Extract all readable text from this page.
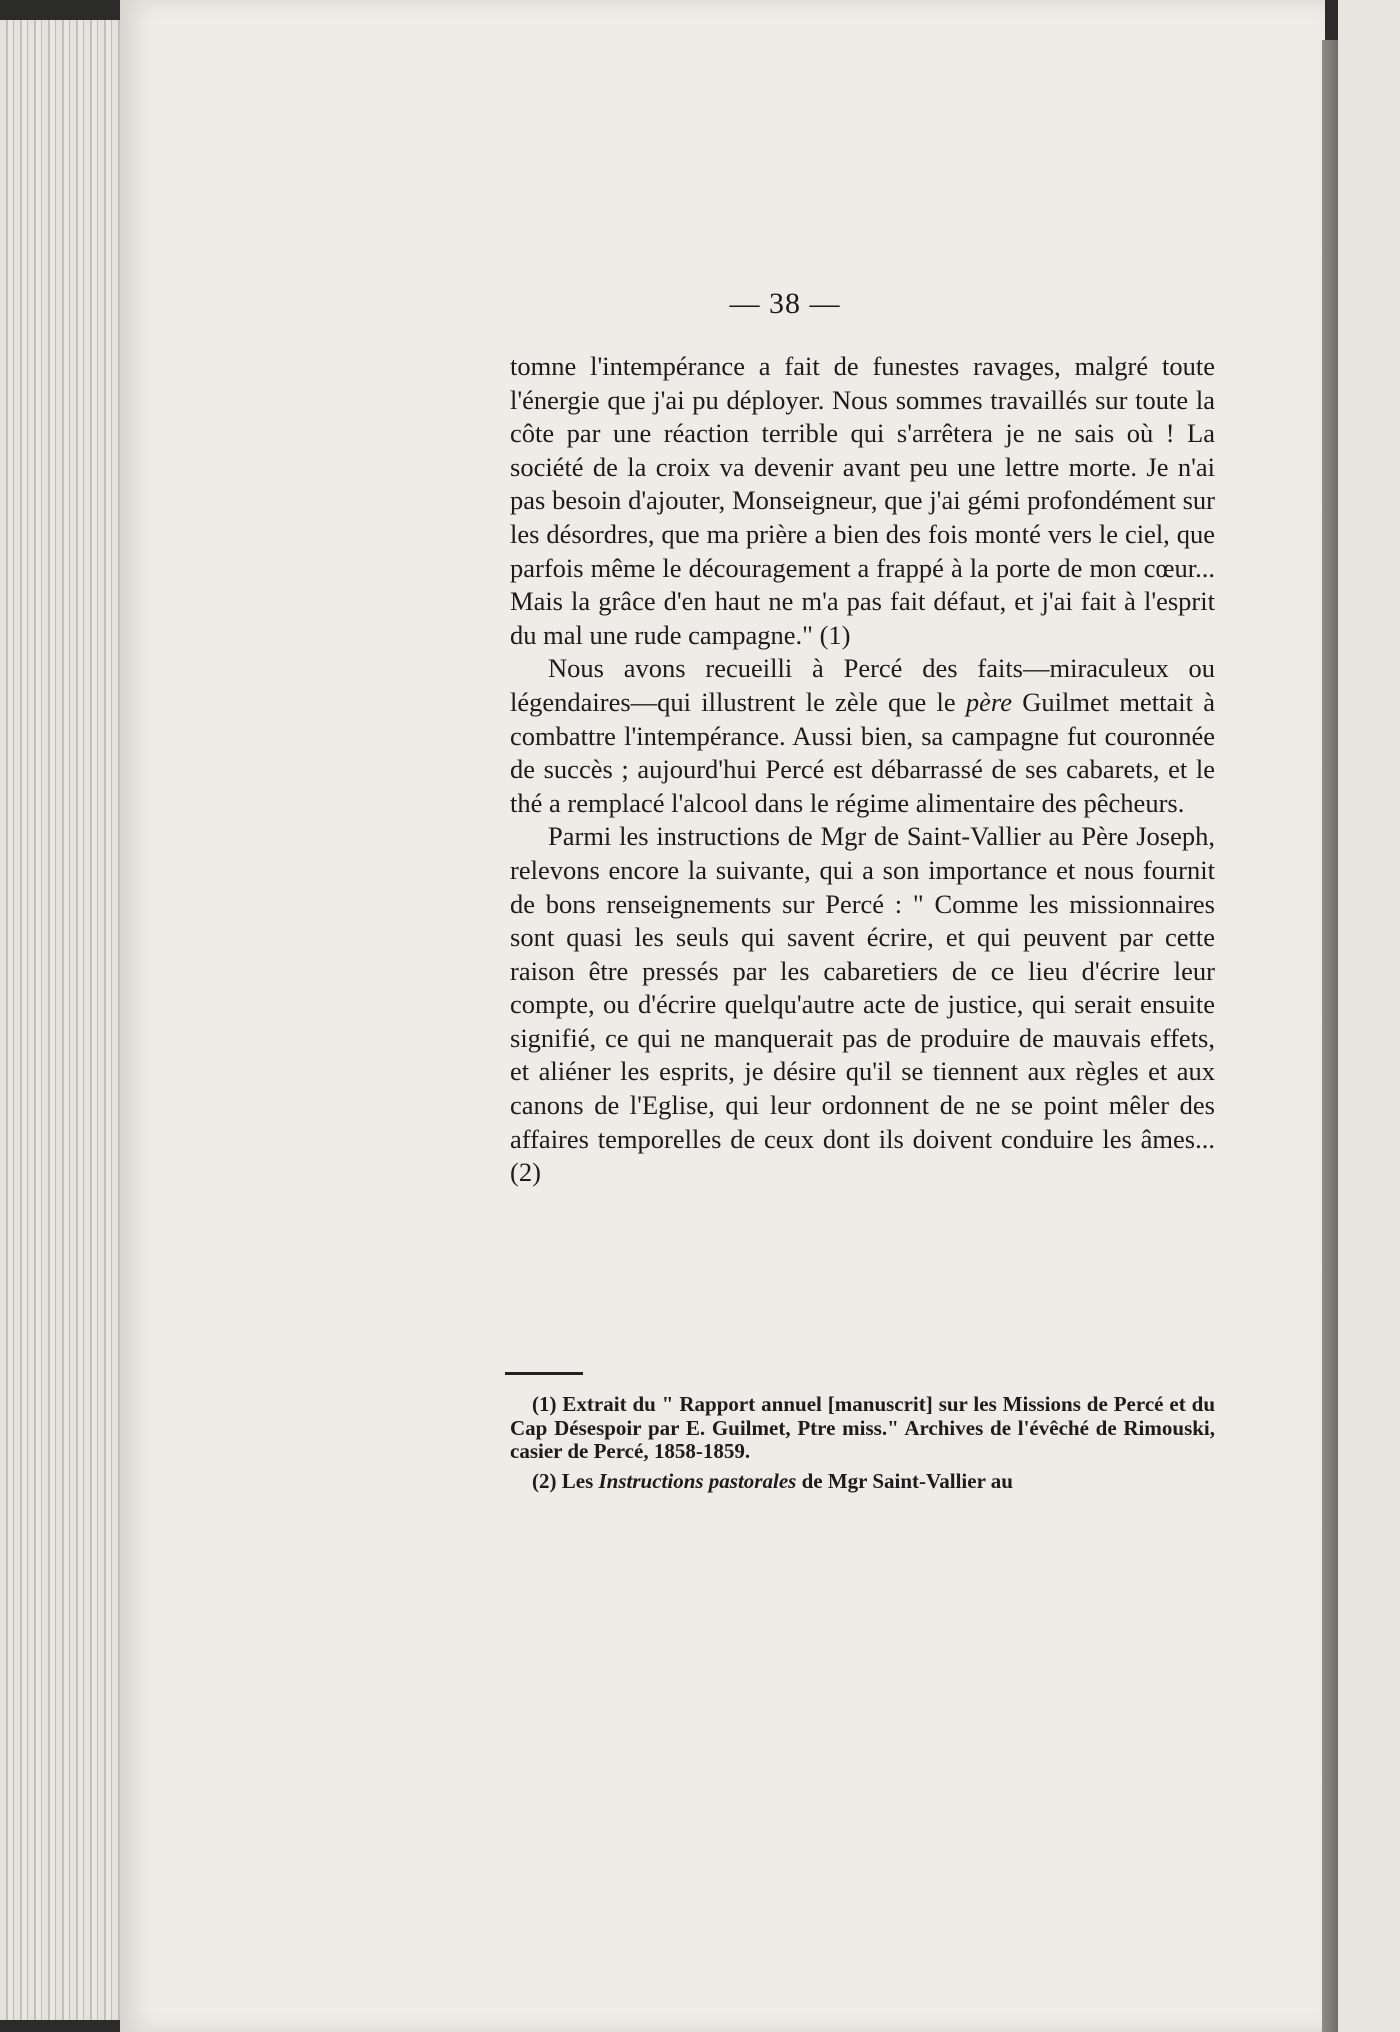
— 38 —

tomne l'intempérance a fait de funestes ravages, malgré toute l'énergie que j'ai pu déployer. Nous sommes travaillés sur toute la côte par une réaction terrible qui s'arrêtera je ne sais où ! La société de la croix va devenir avant peu une lettre morte. Je n'ai pas besoin d'ajouter, Monseigneur, que j'ai gémi profondément sur les désordres, que ma prière a bien des fois monté vers le ciel, que parfois même le découragement a frappé à la porte de mon cœur... Mais la grâce d'en haut ne m'a pas fait défaut, et j'ai fait à l'esprit du mal une rude campagne." (1)

Nous avons recueilli à Percé des faits—miraculeux ou légendaires—qui illustrent le zèle que le père Guilmet mettait à combattre l'intempérance. Aussi bien, sa campagne fut couronnée de succès ; aujourd'hui Percé est débarrassé de ses cabarets, et le thé a remplacé l'alcool dans le régime alimentaire des pêcheurs.

Parmi les instructions de Mgr de Saint-Vallier au Père Joseph, relevons encore la suivante, qui a son importance et nous fournit de bons renseignements sur Percé : " Comme les missionnaires sont quasi les seuls qui savent écrire, et qui peuvent par cette raison être pressés par les cabaretiers de ce lieu d'écrire leur compte, ou d'écrire quelqu'autre acte de justice, qui serait ensuite signifié, ce qui ne manquerait pas de produire de mauvais effets, et aliéner les esprits, je désire qu'il se tiennent aux règles et aux canons de l'Eglise, qui leur ordonnent de ne se point mêler des affaires temporelles de ceux dont ils doivent conduire les âmes... (2)

(1) Extrait du " Rapport annuel [manuscrit] sur les Missions de Percé et du Cap Désespoir par E. Guilmet, Ptre miss." Archives de l'évêché de Rimouski, casier de Percé, 1858-1859.

(2) Les Instructions pastorales de Mgr Saint-Vallier au
